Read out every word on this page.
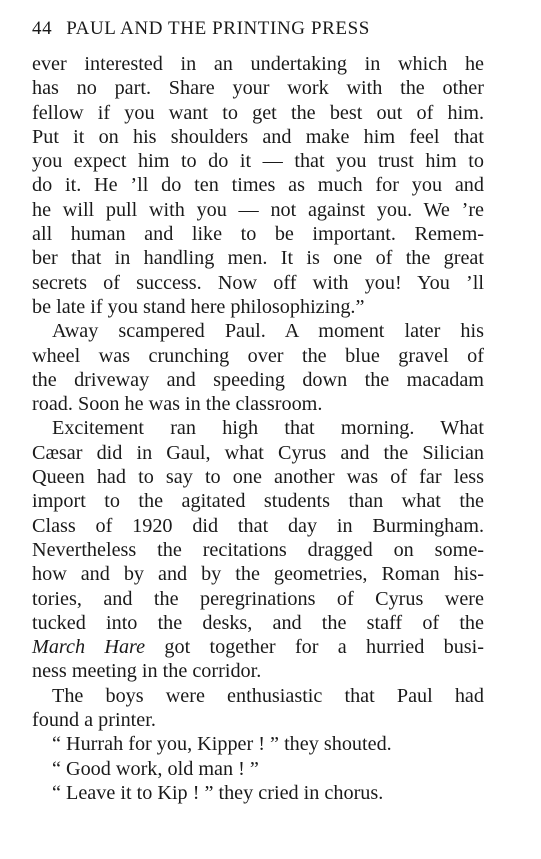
44 PAUL AND THE PRINTING PRESS
ever interested in an undertaking in which he
has no part. Share your work with the other
fellow if you want to get the best out of him.
Put it on his shoulders and make him feel that
you expect him to do it — that you trust him to
do it. He ’ll do ten times as much for you and
he will pull with you — not against you. We ’re
all human and like to be important. Remem-
ber that in handling men. It is one of the great
secrets of success. Now off with you! You ’ll
be late if you stand here philosophizing.”
Away scampered Paul. A moment later his
wheel was crunching over the blue gravel of
the driveway and speeding down the macadam
road. Soon he was in the classroom.
Excitement ran high that morning. What
Cæsar did in Gaul, what Cyrus and the Silician
Queen had to say to one another was of far less
import to the agitated students than what the
Class of 1920 did that day in Burmingham.
Nevertheless the recitations dragged on some-
how and by and by the geometries, Roman his-
tories, and the peregrinations of Cyrus were
tucked into the desks, and the staff of the
March Hare got together for a hurried busi-
ness meeting in the corridor.
The boys were enthusiastic that Paul had
found a printer.
“ Hurrah for you, Kipper ! ” they shouted.
“ Good work, old man ! ”
“ Leave it to Kip ! ” they cried in chorus.
